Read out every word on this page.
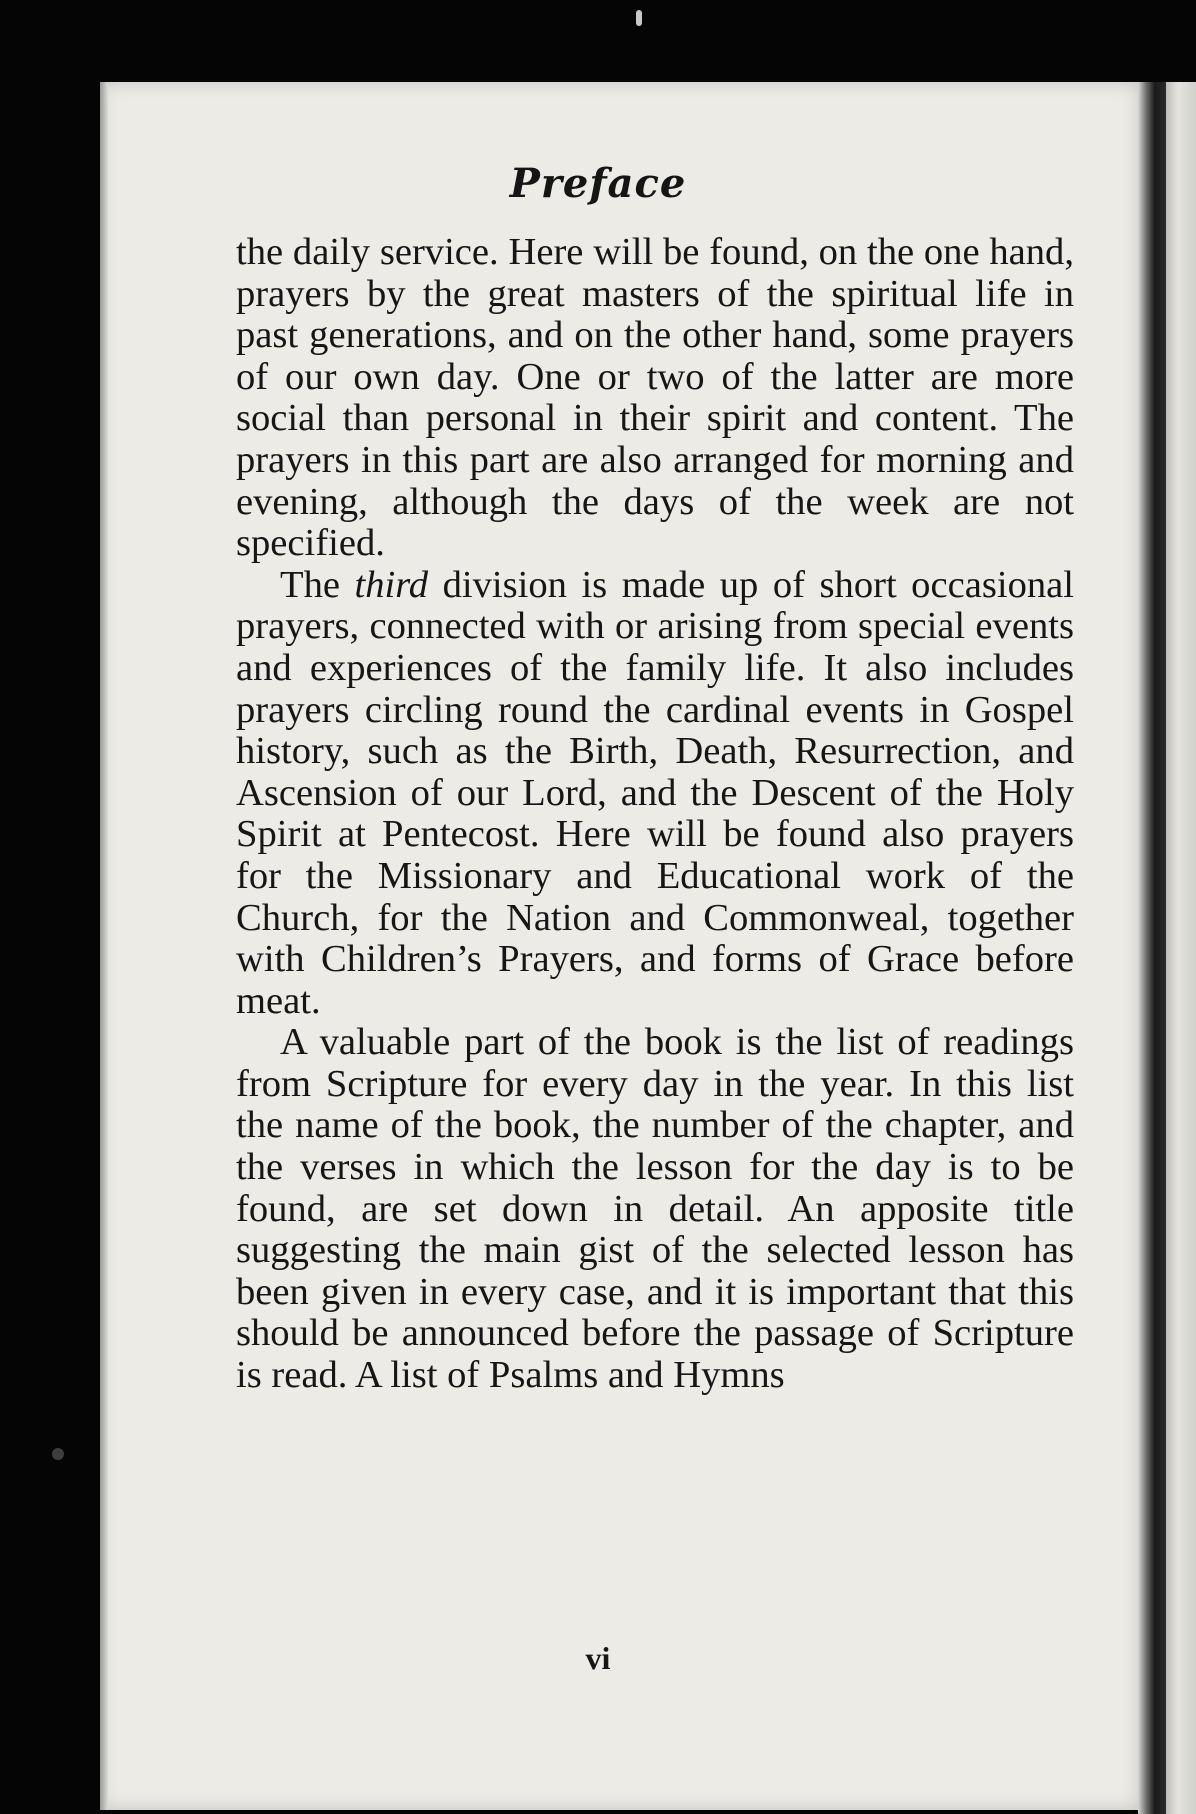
Preface

the daily service. Here will be found, on the one hand, prayers by the great masters of the spiritual life in past generations, and on the other hand, some prayers of our own day. One or two of the latter are more social than personal in their spirit and content. The prayers in this part are also arranged for morning and evening, although the days of the week are not specified.

The third division is made up of short occasional prayers, connected with or arising from special events and experiences of the family life. It also includes prayers circling round the cardinal events in Gospel history, such as the Birth, Death, Resurrection, and Ascension of our Lord, and the Descent of the Holy Spirit at Pentecost. Here will be found also prayers for the Missionary and Educational work of the Church, for the Nation and Commonweal, together with Children’s Prayers, and forms of Grace before meat.

A valuable part of the book is the list of readings from Scripture for every day in the year. In this list the name of the book, the number of the chapter, and the verses in which the lesson for the day is to be found, are set down in detail. An apposite title suggesting the main gist of the selected lesson has been given in every case, and it is important that this should be announced before the passage of Scripture is read. A list of Psalms and Hymns

vi
